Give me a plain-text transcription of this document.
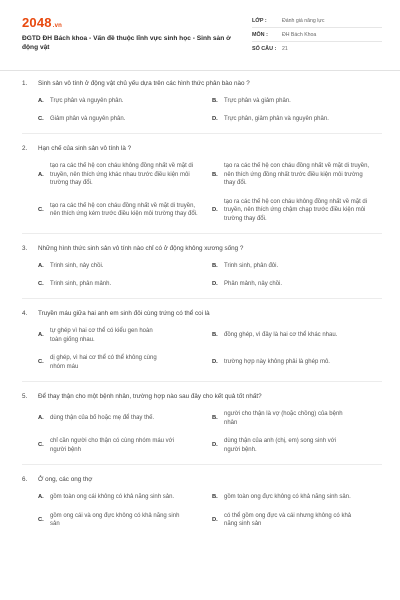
2048.vn
ĐGTD ĐH Bách khoa - Vấn đề thuộc lĩnh vực sinh học - Sinh sản ở động vật
LỚP :	Đánh giá năng lực
MÔN :	ĐH Bách Khoa
SỐ CÂU :	21
1.	Sinh sản vô tính ở động vật chủ yếu dựa trên các hình thức phân bào nào ?
A.	Trực phân và nguyên phân.	B.	Trực phân và giảm phân.
C.	Giảm phân và nguyên phân.	D.	Trực phân, giảm phân và nguyên phân.
2.	Hạn chế của sinh sản vô tính là ?
A.
tạo ra các thế hệ con cháu không đồng nhất về mặt di truyền, nên thích ứng khác nhau trước điều kiện môi trường thay đổi.
B.
tạo ra các thế hệ con cháu đồng nhất về mặt di truyền, nên thích ứng đồng nhất trước điều kiện môi trường thay đổi.
C.
tạo ra các thế hệ con cháu đồng nhất về mặt di truyền, nên thích ứng kém trước điều kiện môi trường thay đổi.
D.
tạo ra các thế hệ con cháu không đồng nhất về mặt di truyền, nên thích ứng chậm chạp trước điều kiện môi trường thay đổi.
3.	Những hình thức sinh sản vô tính nào chỉ có ở động không xương sống ?
A.	Trinh sinh, nảy chồi.	B.	Trinh sinh, phân đôi.
C.	Trinh sinh, phân mảnh.	D.	Phân mảnh, nảy chồi.
4.	Truyền máu giữa hai anh em sinh đôi cùng trứng có thể coi là
A.
tự ghép vì hai cơ thể có kiểu gen hoàn toàn giống nhau.
B.	đồng ghép, vì đây là hai cơ thể khác nhau.
C.
dị ghép, vì hai cơ thể có thể không cùng nhóm máu
D.	trường hợp này không phải là ghép mô.
5.	Để thay thận cho một bệnh nhân, trường hợp nào sau đây cho kết quả tốt nhất?
A.	dùng thận của bố hoặc mẹ để thay thế.	B.
người cho thận là vợ (hoặc chồng) của bệnh nhân
C.
chỉ cần người cho thận có cùng nhóm máu với người bệnh
D.
dùng thận của anh (chị, em) song sinh với người bệnh.
6.	Ở ong, các ong thợ
A.	gồm toàn ong cái không có khả năng sinh sản.	B.	gồm toàn ong đực không có khả năng sinh sản.
C.
gồm ong cái và ong đực không có khả năng sinh sản
D.
có thể gồm ong đực và cái nhưng không có khả năng sinh sản
